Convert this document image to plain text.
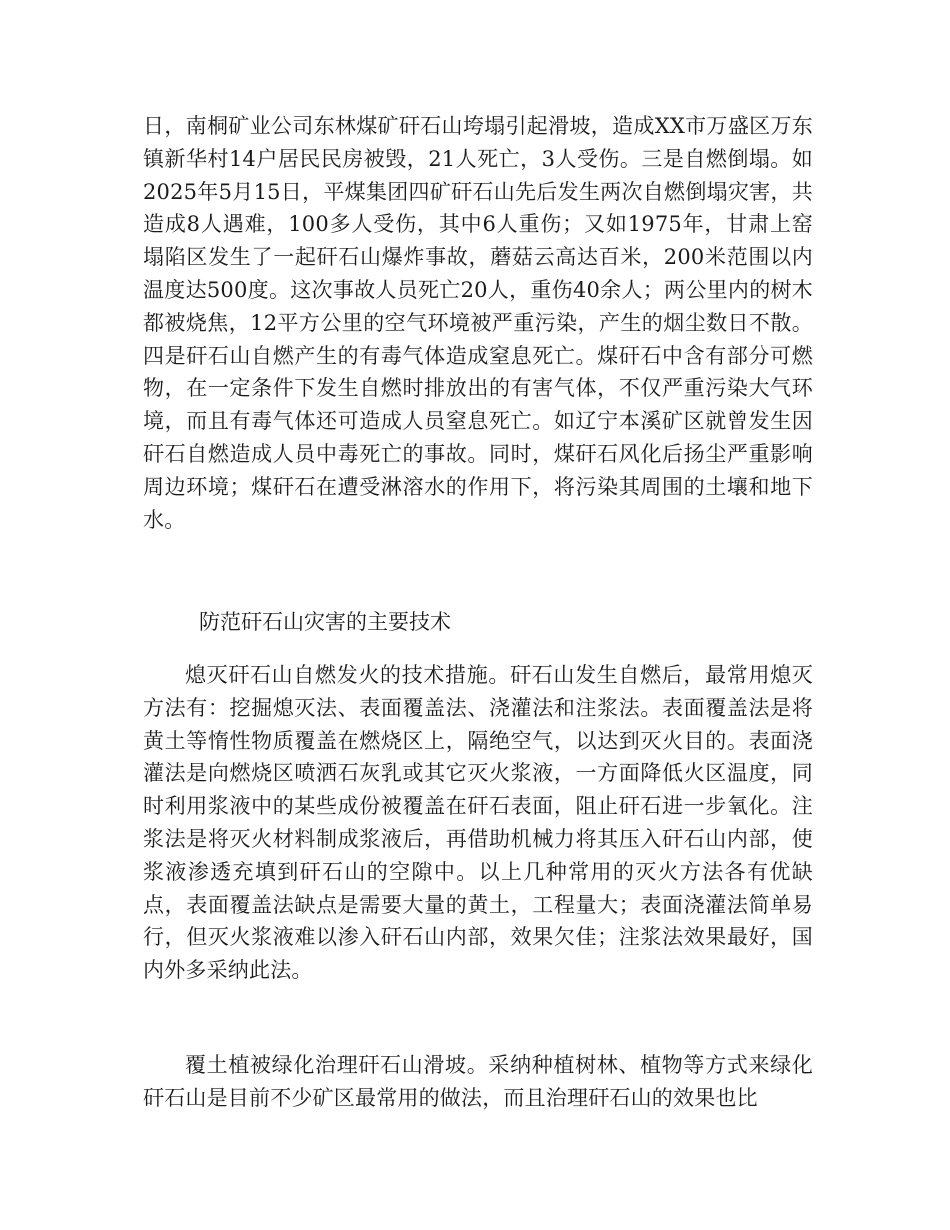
日，南桐矿业公司东林煤矿矸石山垮塌引起滑坡，造成XX市万盛区万东镇新华村14户居民民房被毁，21人死亡，3人受伤。三是自燃倒塌。如2025年5月15日，平煤集团四矿矸石山先后发生两次自燃倒塌灾害，共造成8人遇难，100多人受伤，其中6人重伤；又如1975年，甘肃上窑塌陷区发生了一起矸石山爆炸事故，蘑菇云高达百米，200米范围以内温度达500度。这次事故人员死亡20人，重伤40余人；两公里内的树木都被烧焦，12平方公里的空气环境被严重污染，产生的烟尘数日不散。四是矸石山自燃产生的有毒气体造成窒息死亡。煤矸石中含有部分可燃物，在一定条件下发生自燃时排放出的有害气体，不仅严重污染大气环境，而且有毒气体还可造成人员窒息死亡。如辽宁本溪矿区就曾发生因矸石自燃造成人员中毒死亡的事故。同时，煤矸石风化后扬尘严重影响周边环境；煤矸石在遭受淋溶水的作用下，将污染其周围的土壤和地下水。

防范矸石山灾害的主要技术

熄灭矸石山自燃发火的技术措施。矸石山发生自燃后，最常用熄灭方法有：挖掘熄灭法、表面覆盖法、浇灌法和注浆法。表面覆盖法是将黄土等惰性物质覆盖在燃烧区上，隔绝空气，以达到灭火目的。表面浇灌法是向燃烧区喷洒石灰乳或其它灭火浆液，一方面降低火区温度，同时利用浆液中的某些成份被覆盖在矸石表面，阻止矸石进一步氧化。注浆法是将灭火材料制成浆液后，再借助机械力将其压入矸石山内部，使浆液渗透充填到矸石山的空隙中。以上几种常用的灭火方法各有优缺点，表面覆盖法缺点是需要大量的黄土，工程量大；表面浇灌法简单易行，但灭火浆液难以渗入矸石山内部，效果欠佳；注浆法效果最好，国内外多采纳此法。

覆土植被绿化治理矸石山滑坡。采纳种植树林、植物等方式来绿化矸石山是目前不少矿区最常用的做法，而且治理矸石山的效果也比
